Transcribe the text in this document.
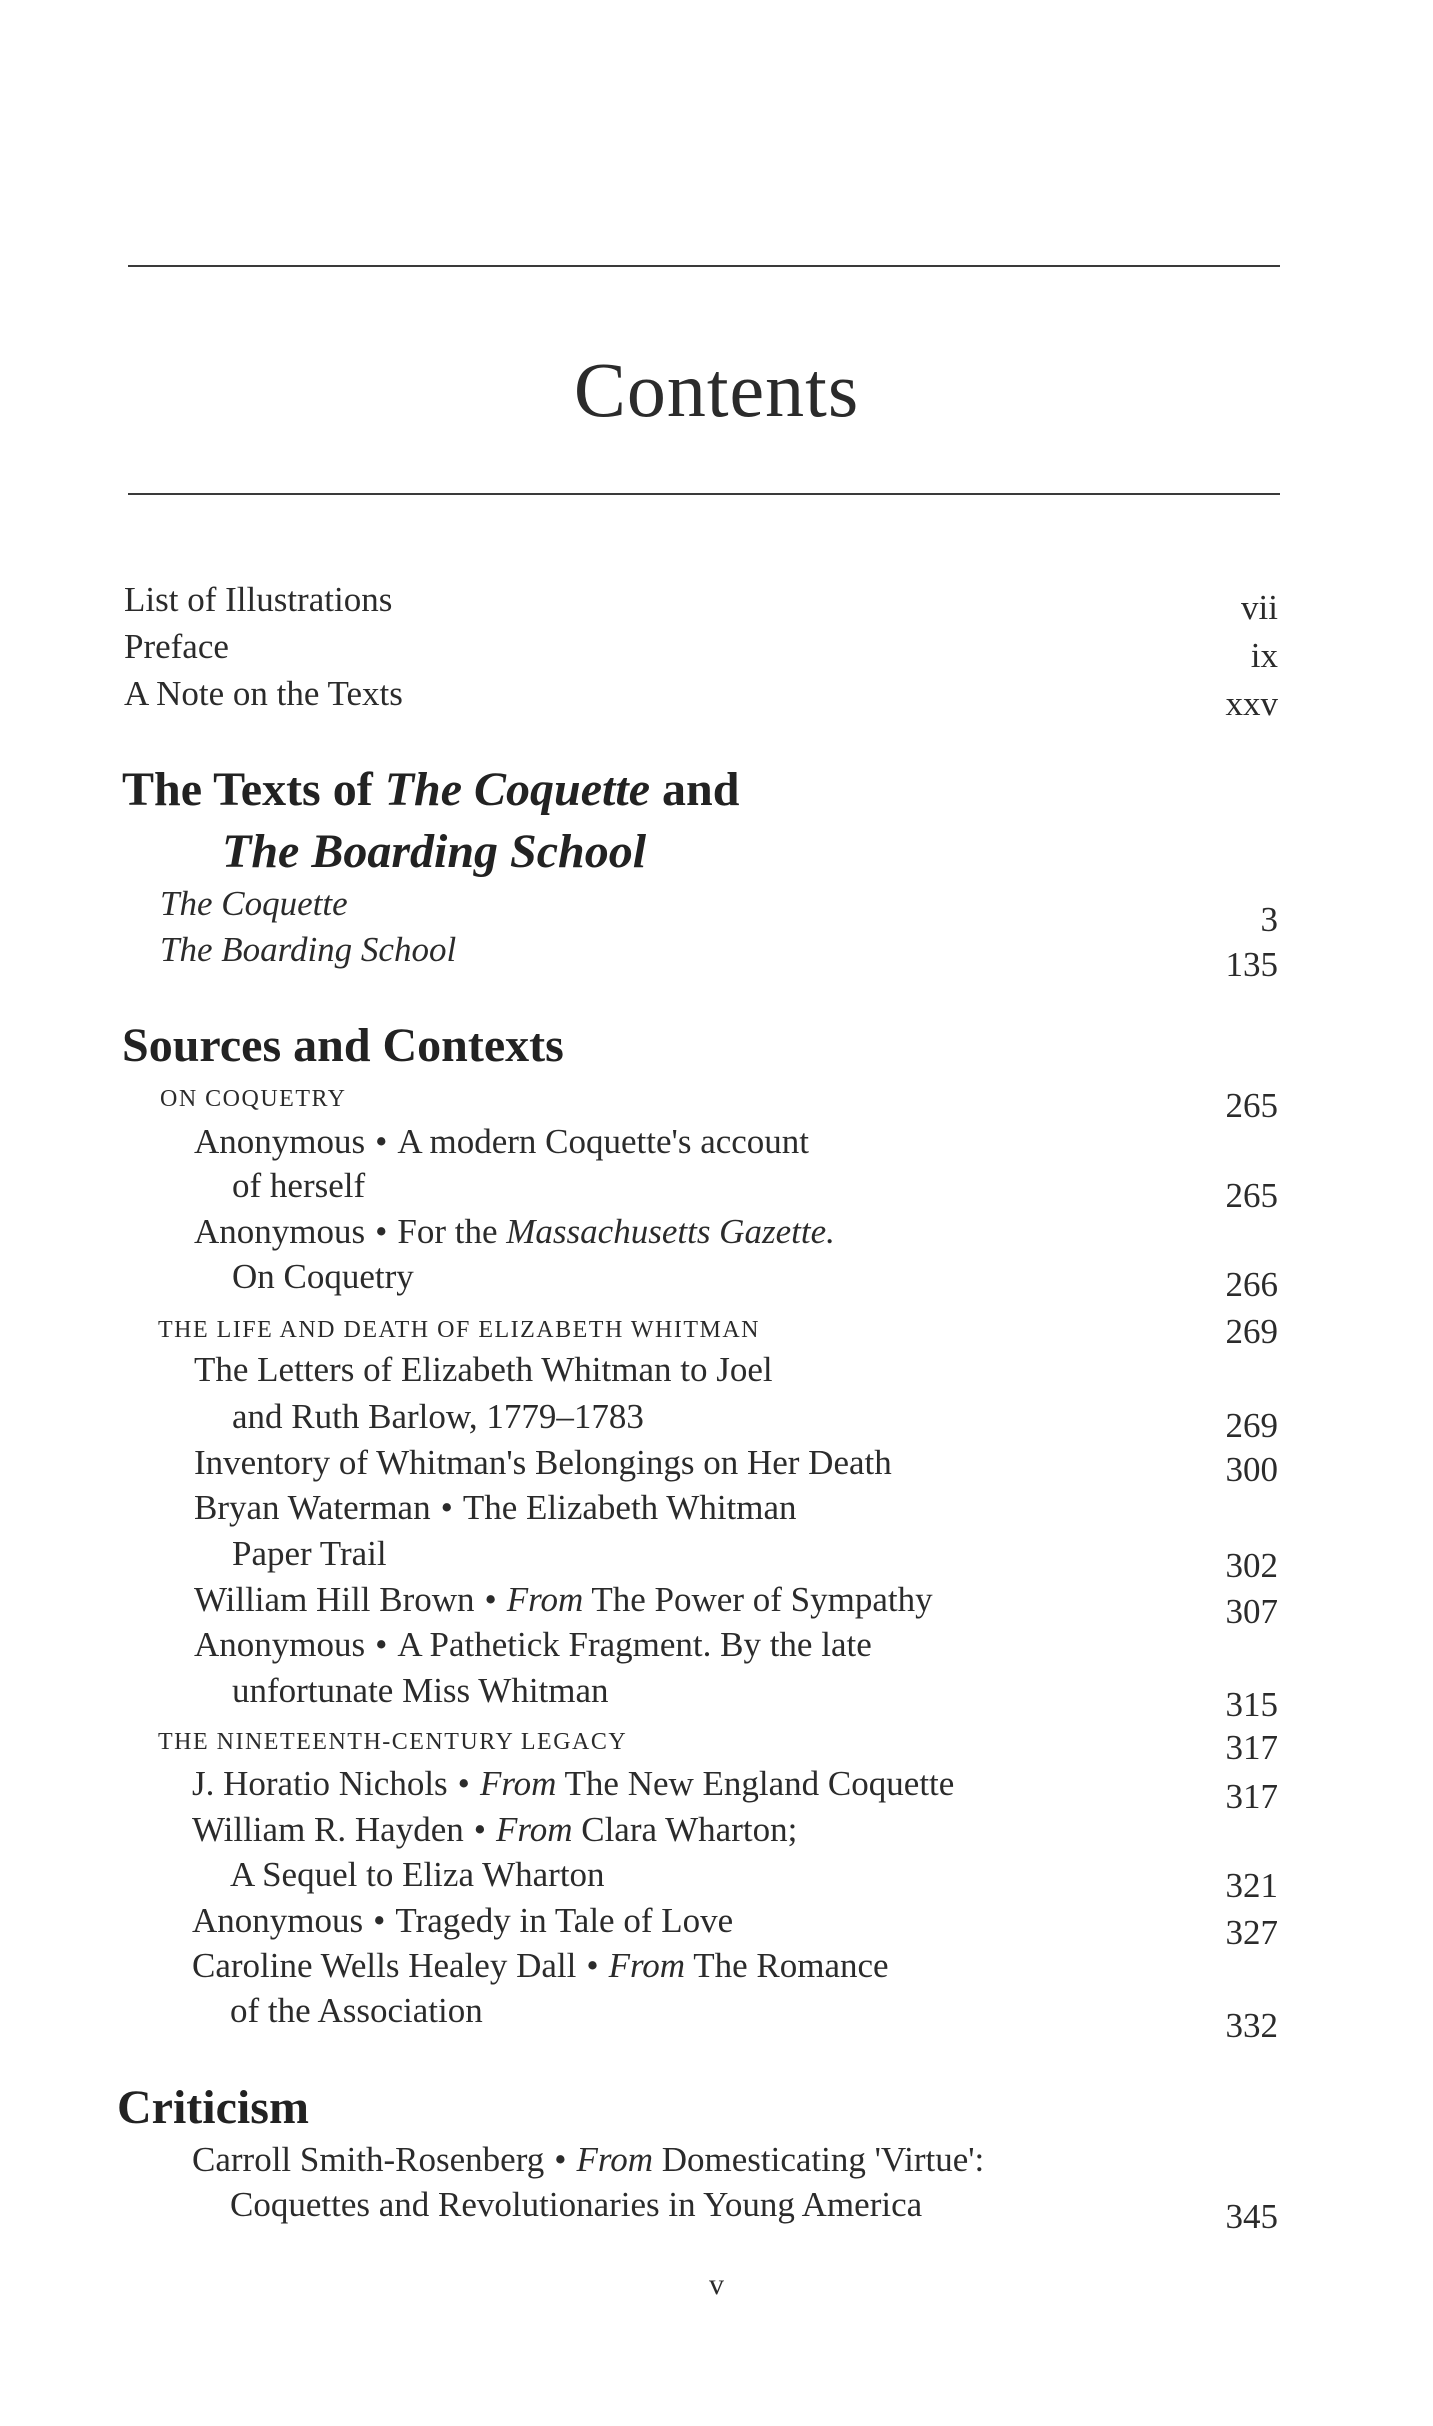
Contents
List of Illustrations	vii
Preface	ix
A Note on the Texts	xxv
The Texts of The Coquette and
The Boarding School
The Coquette	3
The Boarding School	135
Sources and Contexts
ON COQUETRY	265
Anonymous • A modern Coquette's account
of herself	265
Anonymous • For the Massachusetts Gazette.
On Coquetry	266
THE LIFE AND DEATH OF ELIZABETH WHITMAN	269
The Letters of Elizabeth Whitman to Joel
and Ruth Barlow, 1779–1783	269
Inventory of Whitman's Belongings on Her Death	300
Bryan Waterman • The Elizabeth Whitman
Paper Trail	302
William Hill Brown • From The Power of Sympathy	307
Anonymous • A Pathetick Fragment. By the late
unfortunate Miss Whitman	315
THE NINETEENTH-CENTURY LEGACY	317
J. Horatio Nichols • From The New England Coquette	317
William R. Hayden • From Clara Wharton;
A Sequel to Eliza Wharton	321
Anonymous • Tragedy in Tale of Love	327
Caroline Wells Healey Dall • From The Romance
of the Association	332
Criticism
Carroll Smith-Rosenberg • From Domesticating 'Virtue':
Coquettes and Revolutionaries in Young America	345
v
